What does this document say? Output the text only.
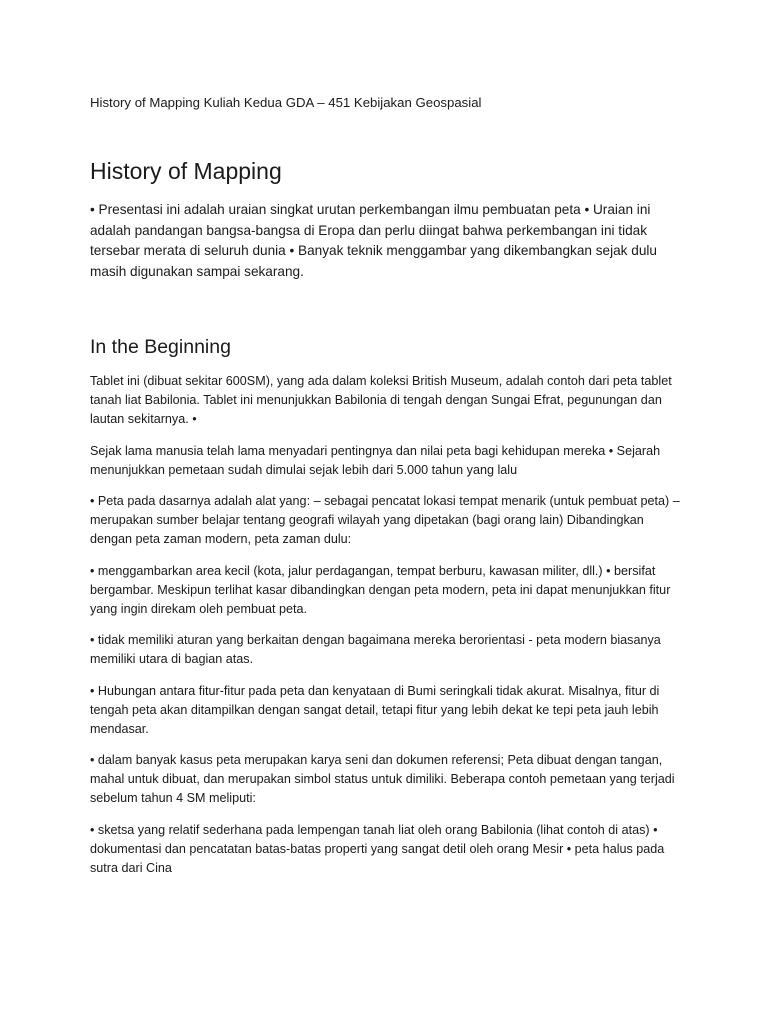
History of Mapping Kuliah Kedua GDA – 451 Kebijakan Geospasial
History of Mapping

• Presentasi ini adalah uraian singkat urutan perkembangan ilmu pembuatan peta • Uraian ini adalah pandangan bangsa-bangsa di Eropa dan perlu diingat bahwa perkembangan ini tidak tersebar merata di seluruh dunia • Banyak teknik menggambar yang dikembangkan sejak dulu masih digunakan sampai sekarang.

In the Beginning

Tablet ini (dibuat sekitar 600SM), yang ada dalam koleksi British Museum, adalah contoh dari peta tablet tanah liat Babilonia. Tablet ini menunjukkan Babilonia di tengah dengan Sungai Efrat, pegunungan dan lautan sekitarnya. •

Sejak lama manusia telah lama menyadari pentingnya dan nilai peta bagi kehidupan mereka • Sejarah menunjukkan pemetaan sudah dimulai sejak lebih dari 5.000 tahun yang lalu

• Peta pada dasarnya adalah alat yang: – sebagai pencatat lokasi tempat menarik (untuk pembuat peta) – merupakan sumber belajar tentang geografi wilayah yang dipetakan (bagi orang lain) Dibandingkan dengan peta zaman modern, peta zaman dulu:

• menggambarkan area kecil (kota, jalur perdagangan, tempat berburu, kawasan militer, dll.) • bersifat bergambar. Meskipun terlihat kasar dibandingkan dengan peta modern, peta ini dapat menunjukkan fitur yang ingin direkam oleh pembuat peta.

• tidak memiliki aturan yang berkaitan dengan bagaimana mereka berorientasi - peta modern biasanya memiliki utara di bagian atas.

• Hubungan antara fitur-fitur pada peta dan kenyataan di Bumi seringkali tidak akurat. Misalnya, fitur di tengah peta akan ditampilkan dengan sangat detail, tetapi fitur yang lebih dekat ke tepi peta jauh lebih mendasar.

• dalam banyak kasus peta merupakan karya seni dan dokumen referensi; Peta dibuat dengan tangan, mahal untuk dibuat, dan merupakan simbol status untuk dimiliki. Beberapa contoh pemetaan yang terjadi sebelum tahun 4 SM meliputi:

• sketsa yang relatif sederhana pada lempengan tanah liat oleh orang Babilonia (lihat contoh di atas) • dokumentasi dan pencatatan batas-batas properti yang sangat detil oleh orang Mesir • peta halus pada sutra dari Cina
